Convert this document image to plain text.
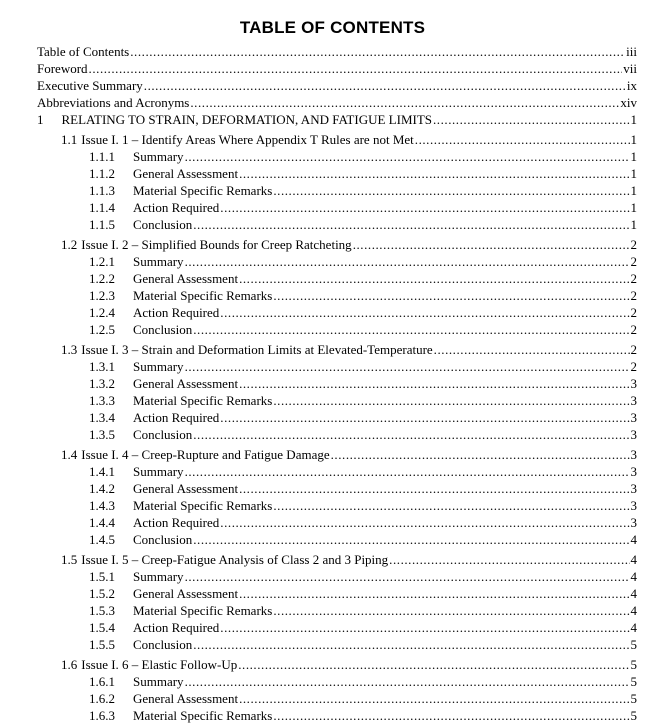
TABLE OF CONTENTS
Table of Contents . . .	iii
Foreword . . .	vii
Executive Summary . . .	ix
Abbreviations and Acronyms . . .	xiv
1 RELATING TO STRAIN, DEFORMATION, AND FATIGUE LIMITS . . .	1
1.1 Issue I. 1 – Identify Areas Where Appendix T Rules are not Met . . .	1
1.1.1 Summary . . .	1
1.1.2 General Assessment . . .	1
1.1.3 Material Specific Remarks . . .	1
1.1.4 Action Required . . .	1
1.1.5 Conclusion . . .	1
1.2 Issue I. 2 – Simplified Bounds for Creep Ratcheting . . .	2
1.2.1 Summary . . .	2
1.2.2 General Assessment . . .	2
1.2.3 Material Specific Remarks . . .	2
1.2.4 Action Required . . .	2
1.2.5 Conclusion . . .	2
1.3 Issue I. 3 – Strain and Deformation Limits at Elevated-Temperature . . .	2
1.3.1 Summary . . .	2
1.3.2 General Assessment . . .	3
1.3.3 Material Specific Remarks . . .	3
1.3.4 Action Required . . .	3
1.3.5 Conclusion . . .	3
1.4 Issue I. 4 – Creep-Rupture and Fatigue Damage . . .	3
1.4.1 Summary . . .	3
1.4.2 General Assessment . . .	3
1.4.3 Material Specific Remarks . . .	3
1.4.4 Action Required . . .	3
1.4.5 Conclusion . . .	4
1.5 Issue I. 5 – Creep-Fatigue Analysis of Class 2 and 3 Piping . . .	4
1.5.1 Summary . . .	4
1.5.2 General Assessment . . .	4
1.5.3 Material Specific Remarks . . .	4
1.5.4 Action Required . . .	4
1.5.5 Conclusion . . .	5
1.6 Issue I. 6 – Elastic Follow-Up . . .	5
1.6.1 Summary . . .	5
1.6.2 General Assessment . . .	5
1.6.3 Material Specific Remarks . . .	5
